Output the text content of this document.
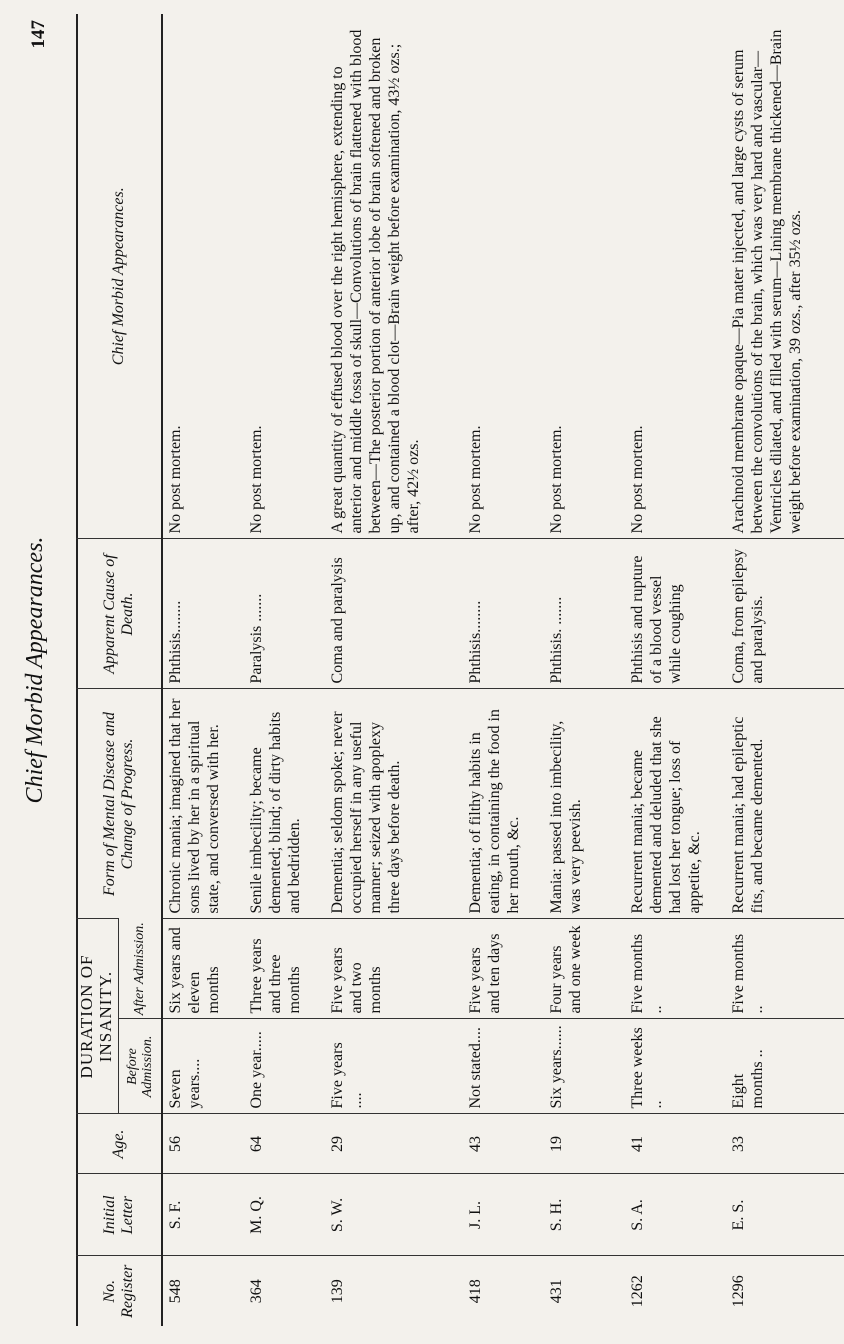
Chief Morbid Appearances.
147
No. Register	Initial Letter	Age.	DURATION OF INSANITY.		Form of Mental Disease and Change of Progress.	Apparent Cause of Death.	Chief Morbid Appearances.
			Before Admission.	After Admission.			
548	S. F.	56	Seven years....	Six years and eleven months	Chronic mania; imagined that her sons lived by her in a spiritual state, and conversed with her.	Phthisis........	No post mortem.
364	M. Q.	64	One year.....	Three years and three months	Senile imbecility; became demented; blind; of dirty habits and bedridden.	Paralysis .......	No post mortem.
139	S. W.	29	Five years ....	Five years and two months	Dementia; seldom spoke; never occupied herself in any useful manner; seized with apoplexy three days before death.	Coma and paralysis	A great quantity of effused blood over the right hemisphere, extending to anterior and middle fossa of skull—Convolutions of brain flattened with blood between—The posterior portion of anterior lobe of brain softened and broken up, and contained a blood clot—Brain weight before examination, 43½ ozs.; after, 42½ ozs.
418	J. L.	43	Not stated....	Five years and ten days	Dementia; of filthy habits in eating, in containing the food in her mouth, &c.	Phthisis........	No post mortem.
431	S. H.	19	Six years......	Four years and one week	Mania: passed into imbecility, was very peevish.	Phthisis. .......	No post mortem.
1262	S. A.	41	Three weeks ..	Five months ..	Recurrent mania; became demented and deluded that she had lost her tongue; loss of appetite, &c.	Phthisis and rupture of a blood vessel while coughing	No post mortem.
1296	E. S.	33	Eight months ..	Five months ..	Recurrent mania; had epileptic fits, and became demented.	Coma, from epilepsy and paralysis.	Arachnoid membrane opaque—Pia mater injected, and large cysts of serum between the convolutions of the brain, which was very hard and vascular—Ventricles dilated, and filled with serum—Lining membrane thickened—Brain weight before examination, 39 ozs., after 35½ ozs.
